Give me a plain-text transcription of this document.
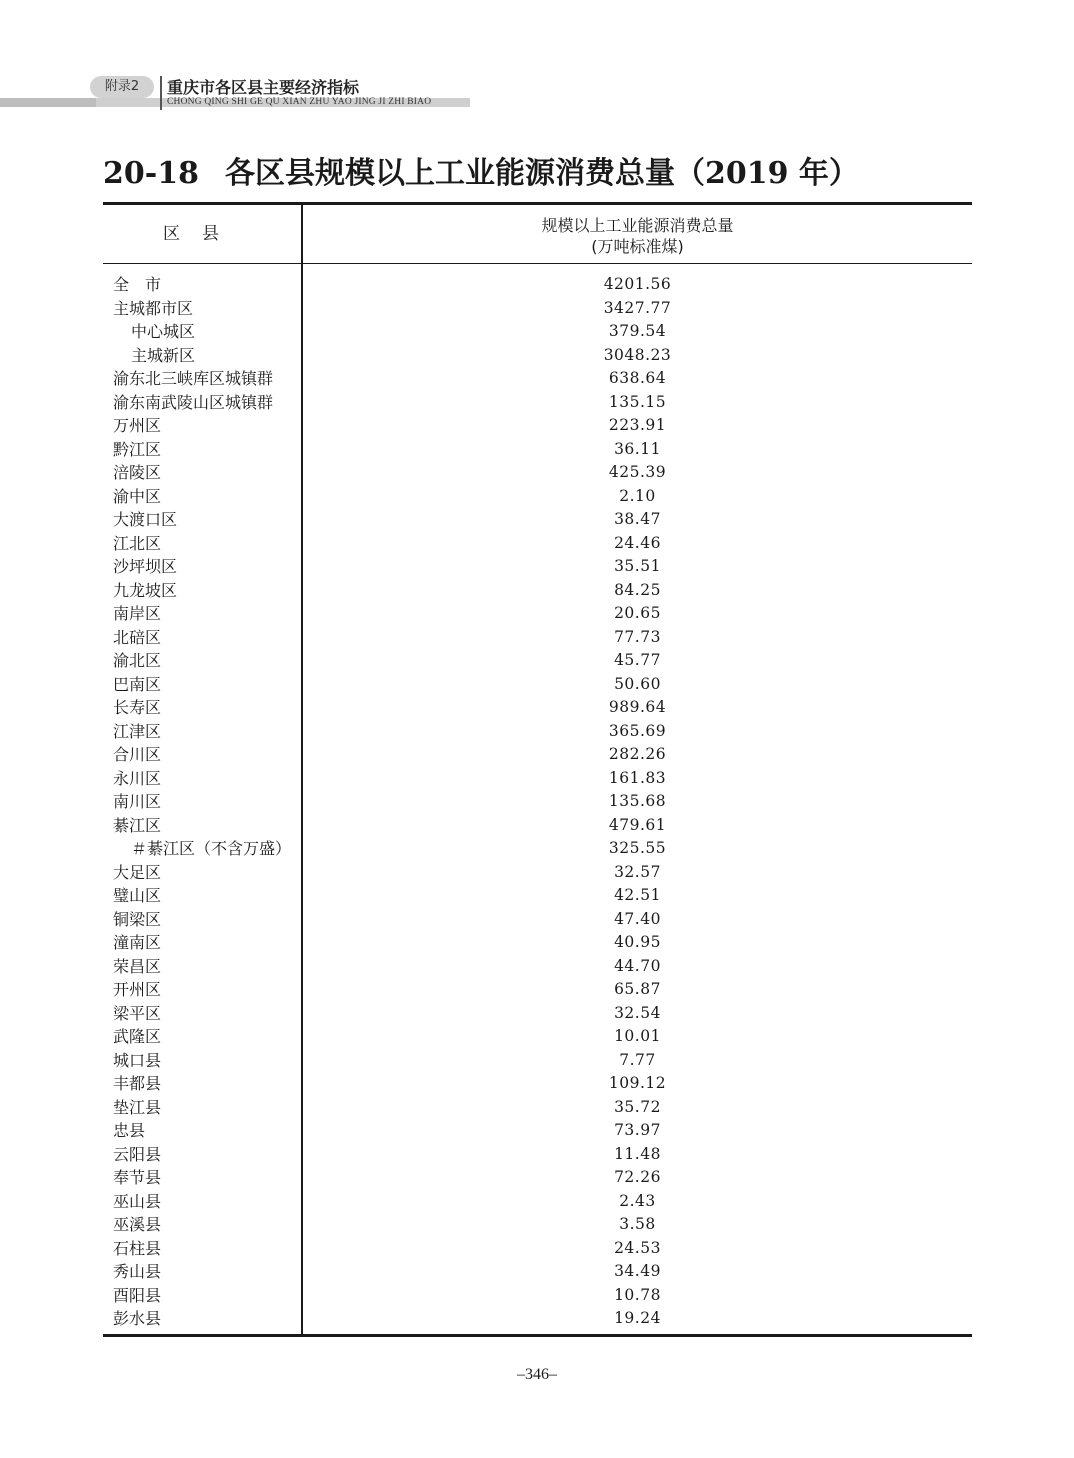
附录2	重庆市各区县主要经济指标
CHONG QING SHI GE QU XIAN ZHU YAO JING JI ZHI BIAO
20-18 各区县规模以上工业能源消费总量（2019 年）
区县	规模以上工业能源消费总量
(万吨标准煤)
全　市	4201.56
主城都市区	3427.77
中心城区	379.54
主城新区	3048.23
渝东北三峡库区城镇群	638.64
渝东南武陵山区城镇群	135.15
万州区	223.91
黔江区	36.11
涪陵区	425.39
渝中区	2.10
大渡口区	38.47
江北区	24.46
沙坪坝区	35.51
九龙坡区	84.25
南岸区	20.65
北碚区	77.73
渝北区	45.77
巴南区	50.60
长寿区	989.64
江津区	365.69
合川区	282.26
永川区	161.83
南川区	135.68
綦江区	479.61
＃綦江区（不含万盛）	325.55
大足区	32.57
璧山区	42.51
铜梁区	47.40
潼南区	40.95
荣昌区	44.70
开州区	65.87
梁平区	32.54
武隆区	10.01
城口县	7.77
丰都县	109.12
垫江县	35.72
忠县	73.97
云阳县	11.48
奉节县	72.26
巫山县	2.43
巫溪县	3.58
石柱县	24.53
秀山县	34.49
酉阳县	10.78
彭水县	19.24
–346–
